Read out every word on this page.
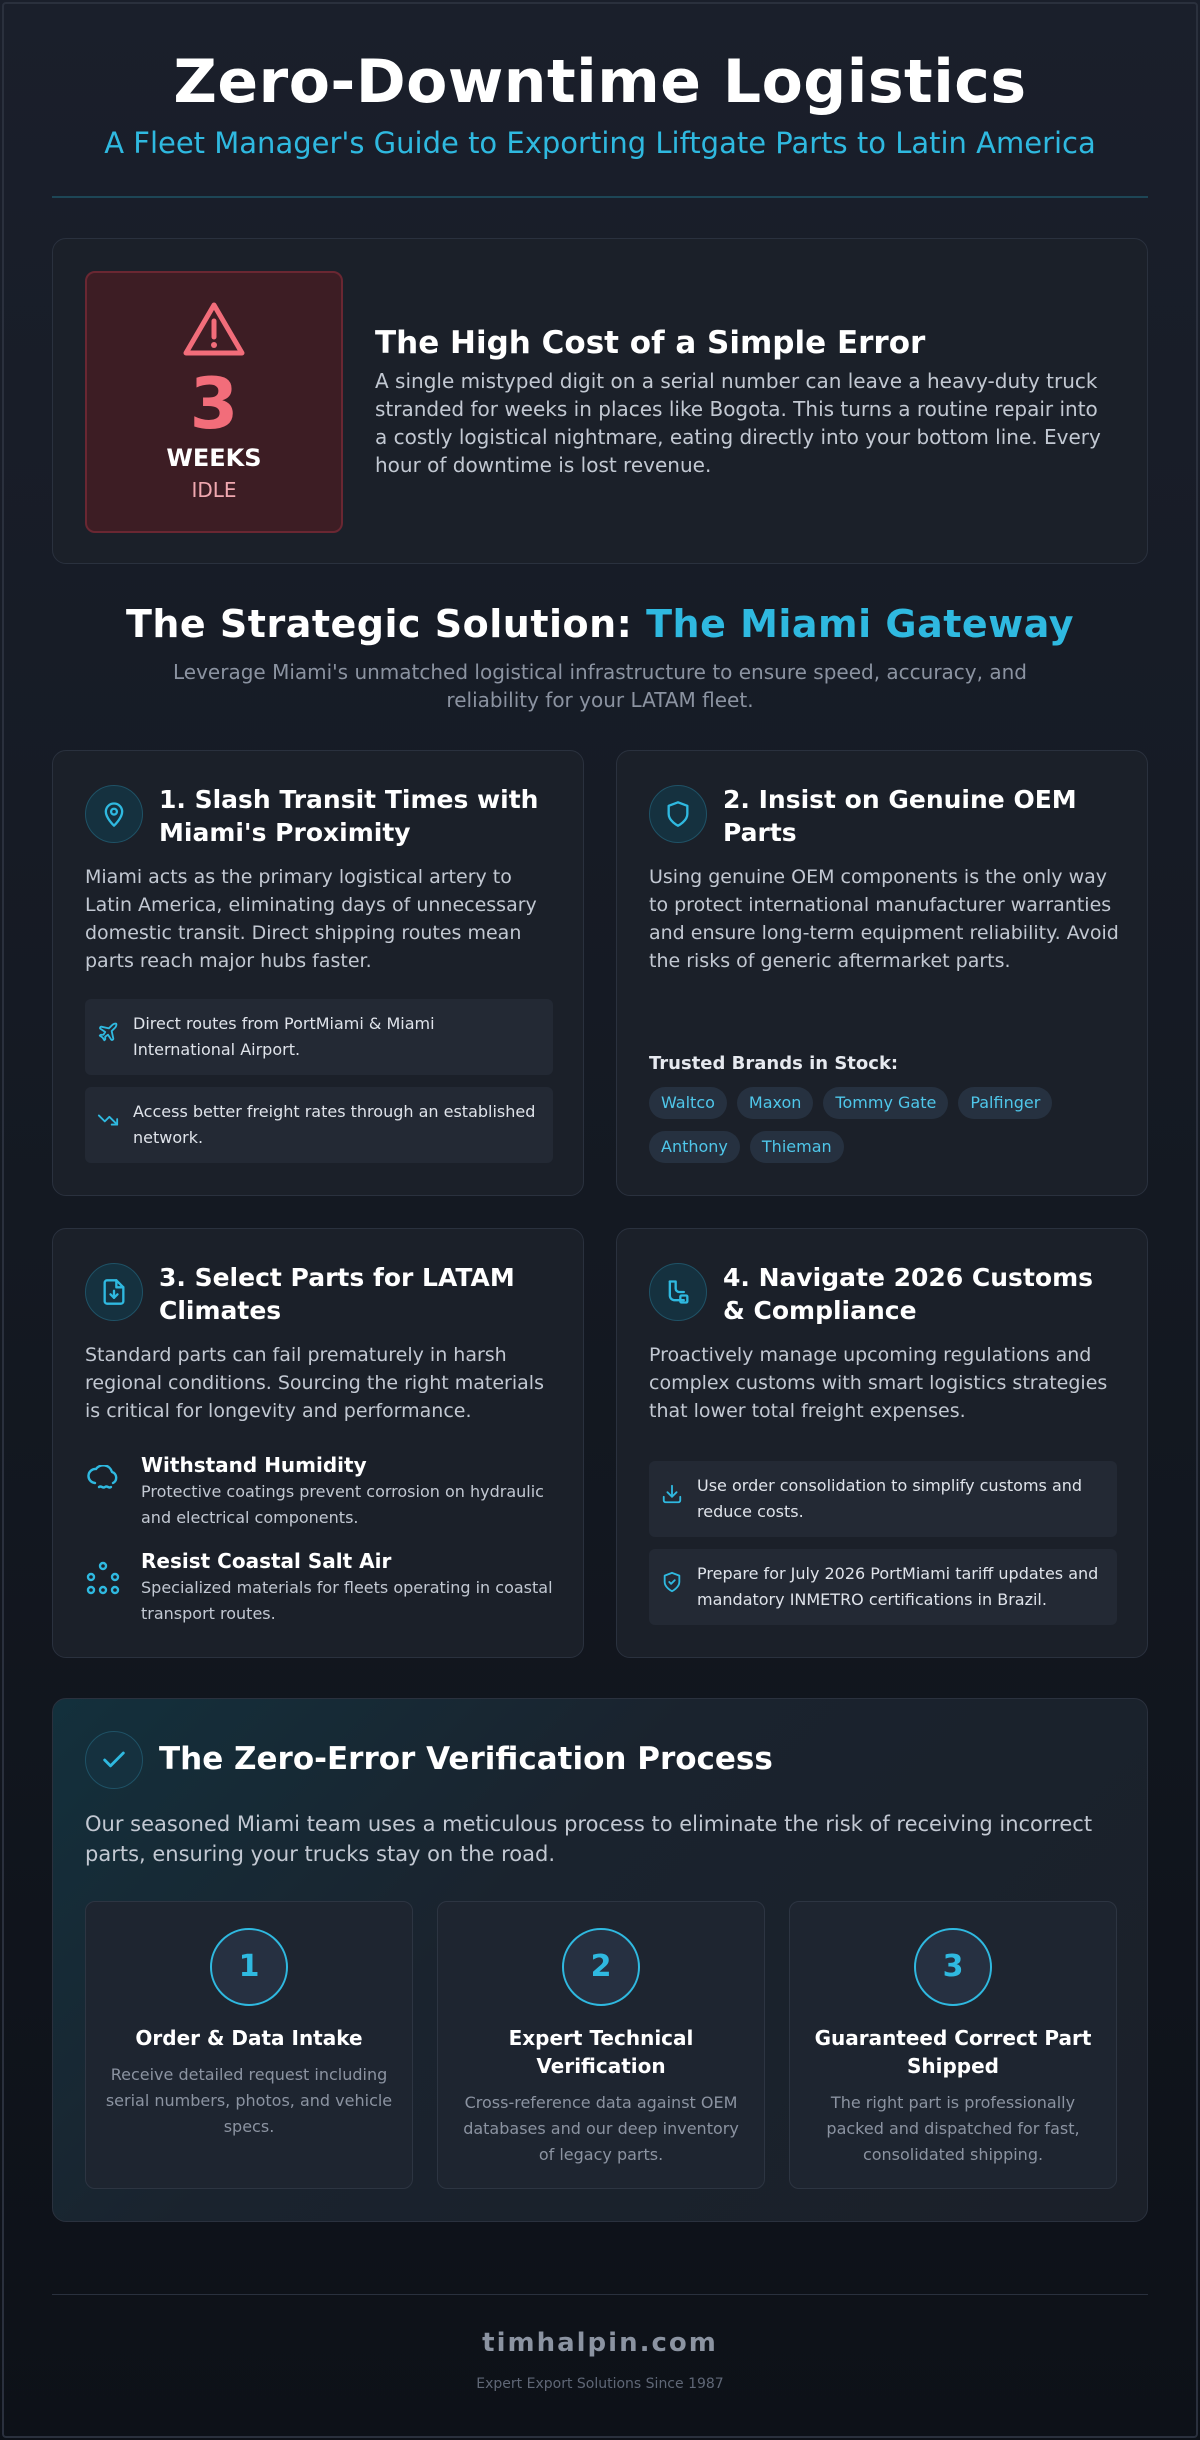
Zero-Downtime Logistics
A Fleet Manager's Guide to Exporting Liftgate Parts to Latin America
3
WEEKS
IDLE
The High Cost of a Simple Error

A single mistyped digit on a serial number can leave a heavy-duty truck stranded for weeks in places like Bogota. This turns a routine repair into a costly logistical nightmare, eating directly into your bottom line. Every hour of downtime is lost revenue.

The Strategic Solution: The Miami Gateway

Leverage Miami's unmatched logistical infrastructure to ensure speed, accuracy, and reliability for your LATAM fleet.

1. Slash Transit Times with Miami's Proximity

Miami acts as the primary logistical artery to Latin America, eliminating days of unnecessary domestic transit. Direct shipping routes mean parts reach major hubs faster.

Direct routes from PortMiami & Miami International Airport.
Access better freight rates through an established network.
2. Insist on Genuine OEM Parts

Using genuine OEM components is the only way to protect international manufacturer warranties and ensure long-term equipment reliability. Avoid the risks of generic aftermarket parts.

Trusted Brands in Stock:
Waltco Maxon Tommy Gate PalfingerAnthony Thieman
3. Select Parts for LATAM Climates

Standard parts can fail prematurely in harsh regional conditions. Sourcing the right materials is critical for longevity and performance.

Withstand Humidity

Protective coatings prevent corrosion on hydraulic and electrical components.

Resist Coastal Salt Air

Specialized materials for fleets operating in coastal transport routes.

4. Navigate 2026 Customs & Compliance

Proactively manage upcoming regulations and complex customs with smart logistics strategies that lower total freight expenses.

Use order consolidation to simplify customs and reduce costs.
Prepare for July 2026 PortMiami tariff updates and mandatory INMETRO certifications in Brazil.
The Zero-Error Verification Process

Our seasoned Miami team uses a meticulous process to eliminate the risk of receiving incorrect parts, ensuring your trucks stay on the road.

1
Order & Data Intake

Receive detailed request including serial numbers, photos, and vehicle specs.

2
Expert Technical Verification

Cross-reference data against OEM databases and our deep inventory of legacy parts.

3
Guaranteed Correct Part Shipped

The right part is professionally packed and dispatched for fast, consolidated shipping.

timhalpin.com
Expert Export Solutions Since 1987
